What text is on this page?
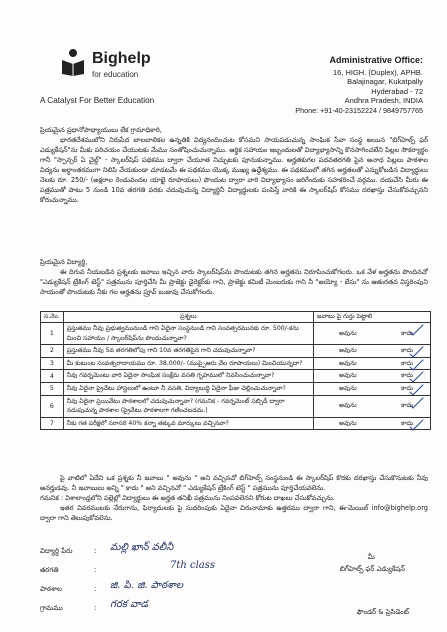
Bighelp
for education
A Catalyst For Better Education
Administrative Office:
16, HIGH. (Duplex), APHB.
Balajinagar, Kukatpally
Hyderabad - 72
Andhra Pradesh, INDIA
Phone: +91-40-23152224 / 9849757765

ప్రియమైన ప్రధానోపాధ్యాయులు లేక గ్రామాధికారి,

భారతదేశములోని నిరుపేద బాలబాలికల ఉన్నతికి విద్యనందించుట కోసమని సాయపడుచున్న సాంఘిక సేవా సంస్థ అయిన "బిగ్‌హెల్ప్ ఫర్ ఎడ్యుకేషన్"ను మీకు పరిచయం చేయుటకు మేము సంతోషించుచున్నాము. ఆర్థిక సహాయం ఇబ్బందులతో విద్యాభ్యాసాన్ని కొనసాగించలేని పిల్లల సౌకర్యార్థం గానీ "స్పాన్సర్ ఏ చైల్డ్" - స్కాలర్‌షిప్ పథకము ద్వారా చేయూత నిచ్చుటకు పూనుకున్నాము. అర్హతకుగల పదవతరగతి పైన అనాధ పిల్లలు పాఠశాల విద్యను అర్థాంతరముగా నిలిపి వేయకుండా చూడటమే ఈ పథకము యొక్క ముఖ్య ఉద్దేశ్యము. ఈ పథకములో తగిన అర్హతలతో ఎన్నుకోబడిన విద్యార్థులు నెలకు రూ. 250/- (అక్షరాల రెండువందల యాభై రూపాయలు) పొందుట ద్వారా వారి విద్యాభ్యాసం జరిగేందుకు సహకరించే వర్గము. దయచేసి మీరు ఈ పత్రముతో పాటు 5 నుండి 10వ తరగతి వరకు చదువుచున్న విద్యార్థినీ విద్యార్థులకు పంపిస్తే వారికి ఈ స్కాలర్‌షిప్ కోసము దరఖాస్తు చేసుకోవచ్చునని కోరుచున్నాము.

ప్రియమైన విద్యార్థి,

ఈ దిగువ నీయబడిన ప్రశ్నలకు జవాబు ఇచ్చిన వారు స్కాలర్‌షిప్‌ను పొందుటకు తగిన అర్హతను నిరూపించుకోగలరు. ఒక వేళ అర్హతను పొందినచో "ఎడ్యుకేషన్ ట్రేకింగ్ టెస్ట్" పత్రమును పూర్తిచేసి మీ ప్రాజెక్టు డైరెక్టర్‌కు గాని, ప్రాజెక్టు కమిటీ మెంబరుకు గాని నీ "అయ్యో - బేసు" ను ఆతురతవ విస్తరింపుని సాయంతో పొందుటకు నీకు గల అర్హతను ప్రూవ్ బుజువు చేసుకోగలరు.

స.నెం.	ప్రశ్నలు	జవాబు పై గుర్తు పెట్టాలి
1	ప్రస్తుతము నీవు ప్రభుత్వమునుండి గాని ఏదైనా సంస్థనుండి గాని సంవత్సరమునకు రూ. 500/-కను మించి సహాయం / స్కాలర్‌షిప్‌ను పొందుచున్నావా?	అవును కాదు

2	ప్రస్తుతము నీవు 5వ తరగతిలోపు గాని 10వ తరగతిపైన గాని చదువుచున్నావా?	అవును కాదు

3	మీ కుటుంబ సంవత్సరాదాయము రూ. 38,000/- (ముప్పైఆరు వేల రూపాయలు) మించియున్నదా?	అవును కాదు

4	నీవు గవర్నమెంటు వారి ఏదైనా సాంఘిక సంక్షేమ వసతి గృహములో నివసించుచున్నావా?	అవును కాదు

5	నీవు ఏదైనా ప్రైవేటు హాస్టలులో ఉంటూ నీ వసతి, విద్యాబుద్ధి ఏదైనా ఫీజు చెల్లించుచున్నావా?	అవును కాదు

6	నీవు ఏదైనా ప్రయివేటు పాఠశాలలో చదువుచున్నావా? (గమనిక - గవర్నమెంట్ సబ్సిడీ ద్వారా నడుపుచున్న పాఠశాల (ప్రైవేటు పాఠశాలగా గణించబడదు.)	అవును కాదు

7	నీకు గత పరీక్షలో సరాసరి 40% కన్నా తక్కువ మార్కులు వచ్చినవా?	అవును కాదు

పై వాటిలో ఏదేని ఒక ప్రశ్నకు నీ జవాబు " అవును " అని వచ్చినచో బిగ్‌హెల్ప్ సంస్థనుండి ఈ స్కాలర్‌షిప్ కొరకు దరఖాస్తు చేసుకొనుటకు నీవు అనర్హుడవు. నీ జవాబులు అన్ని " కాదు " అని వచ్చినచో " ఎడ్యుకేషన్ ట్రేకింగ్ టెస్ట్ " పత్రమును పూర్తిచేయవలెను.

గమనిక : విశాలాంధ్రలోని పల్లెల్లో విద్యార్థులు ఈ అర్హత తనిఖీ పత్రమును నింపవలెనని కోరుట దాఖలు చేసుకోవచ్చును.

ఇతర వివరములకు నేరుగాను, ఫిర్యాదులకు పై సుదరింపుకు ఏదైనా చిరునామాకు ఉత్తరము ద్వారా గాని, ఈ-మెయిల్ info@bighelp.org ద్వారా గాని తెలుపుకోవలెను.

విద్యార్థి పేరు	: మల్లి ఖాన్ వలీనీ
తరగతి	:	7th class
పాఠశాల	: జి. పి. జి. పాఠశాల
గ్రామము	: గరక వాడ
మీ
బిగ్‌హెల్ప్ ఫర్ ఎడ్యుకేషన్
ఫౌండర్ & ప్రెసిడెంట్
